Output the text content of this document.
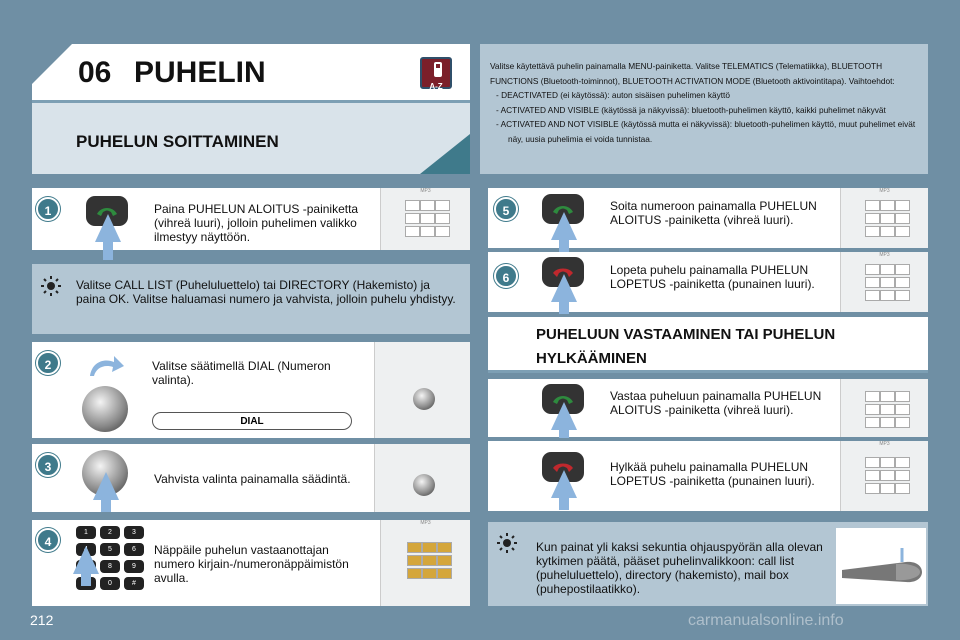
06 PUHELIN	A-Z
PUHELUN SOITTAMINEN

Valitse käytettävä puhelin painamalla MENU-painiketta. Valitse TELEMATICS (Telematiikka), BLUETOOTH FUNCTIONS (Bluetooth-toiminnot), BLUETOOTH ACTIVATION MODE (Bluetooth aktivointitapa). Vaihtoehdot:

- DEACTIVATED (ei käytössä): auton sisäisen puhelimen käyttö
- ACTIVATED AND VISIBLE (käytössä ja näkyvissä): bluetooth-puhelimen käyttö, kaikki puhelimet näkyvät
- ACTIVATED AND NOT VISIBLE (käytössä mutta ei näkyvissä): bluetooth-puhelimen käyttö, muut puhelimet eivät näy, uusia puhelimia ei voida tunnistaa.
1	Paina PUHELUN ALOITUS -painiketta (vihreä luuri), jolloin puhelimen valikko ilmestyy näyttöön.
MP3
Valitse CALL LIST (Puheluluettelo) tai DIRECTORY (Hakemisto) ja paina OK. Valitse haluamasi numero ja vahvista, jolloin puhelu yhdistyy.
2	Valitse säätimellä DIAL (Numeron valinta).
DIAL
3
Vahvista valinta painamalla säädintä.
4
1	2	3
4	5	6
7	8	9
0	#
Näppäile puhelun vastaanottajan numero kirjain-/numeronäppäimistön avulla.
MP3
5	Soita numeroon painamalla PUHELUN ALOITUS -painiketta (vihreä luuri).
MP3
6
Lopeta puhelu painamalla PUHELUN LOPETUS -painiketta (punainen luuri).
MP3
PUHELUUN VASTAAMINEN TAI PUHELUN HYLKÄÄMINEN
Vastaa puheluun painamalla PUHELUN ALOITUS -painiketta (vihreä luuri).
Hylkää puhelu painamalla PUHELUN LOPETUS -painiketta (punainen luuri).
MP3
Kun painat yli kaksi sekuntia ohjauspyörän alla olevan kytkimen päätä, pääset puhelinvalikkoon: call list (puheluluettelo), directory (hakemisto), mail box (puhepostilaatikko).
212	carmanualsonline.info
